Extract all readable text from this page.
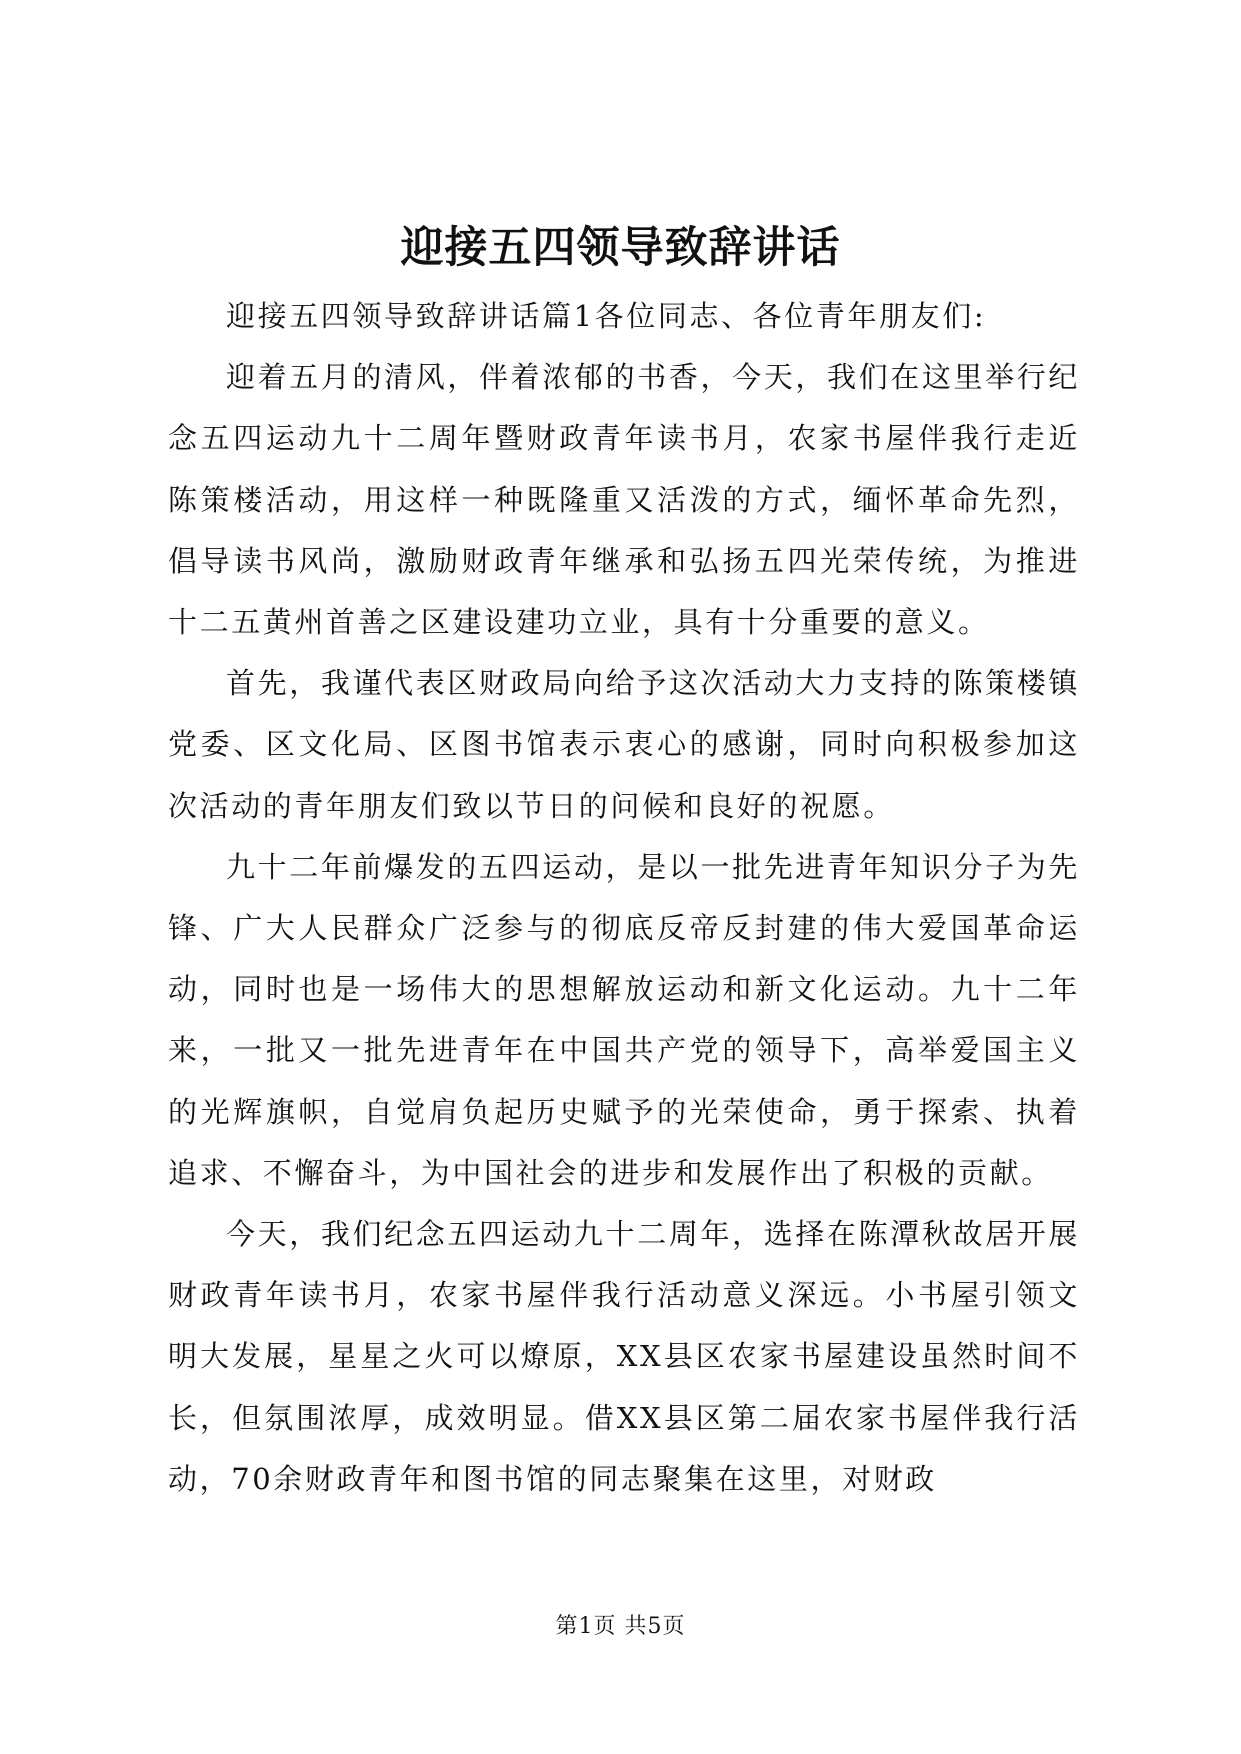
迎接五四领导致辞讲话

迎接五四领导致辞讲话篇1各位同志、各位青年朋友们:

迎着五月的清风，伴着浓郁的书香，今天，我们在这里举行纪念五四运动九十二周年暨财政青年读书月，农家书屋伴我行走近陈策楼活动，用这样一种既隆重又活泼的方式，缅怀革命先烈，倡导读书风尚，激励财政青年继承和弘扬五四光荣传统，为推进十二五黄州首善之区建设建功立业，具有十分重要的意义。

首先，我谨代表区财政局向给予这次活动大力支持的陈策楼镇党委、区文化局、区图书馆表示衷心的感谢，同时向积极参加这次活动的青年朋友们致以节日的问候和良好的祝愿。

九十二年前爆发的五四运动，是以一批先进青年知识分子为先锋、广大人民群众广泛参与的彻底反帝反封建的伟大爱国革命运动，同时也是一场伟大的思想解放运动和新文化运动。九十二年来，一批又一批先进青年在中国共产党的领导下，高举爱国主义的光辉旗帜，自觉肩负起历史赋予的光荣使命，勇于探索、执着追求、不懈奋斗，为中国社会的进步和发展作出了积极的贡献。

今天，我们纪念五四运动九十二周年，选择在陈潭秋故居开展财政青年读书月，农家书屋伴我行活动意义深远。小书屋引领文明大发展，星星之火可以燎原，XX县区农家书屋建设虽然时间不长，但氛围浓厚，成效明显。借XX县区第二届农家书屋伴我行活动，70余财政青年和图书馆的同志聚集在这里，对财政

第1页 共5页
